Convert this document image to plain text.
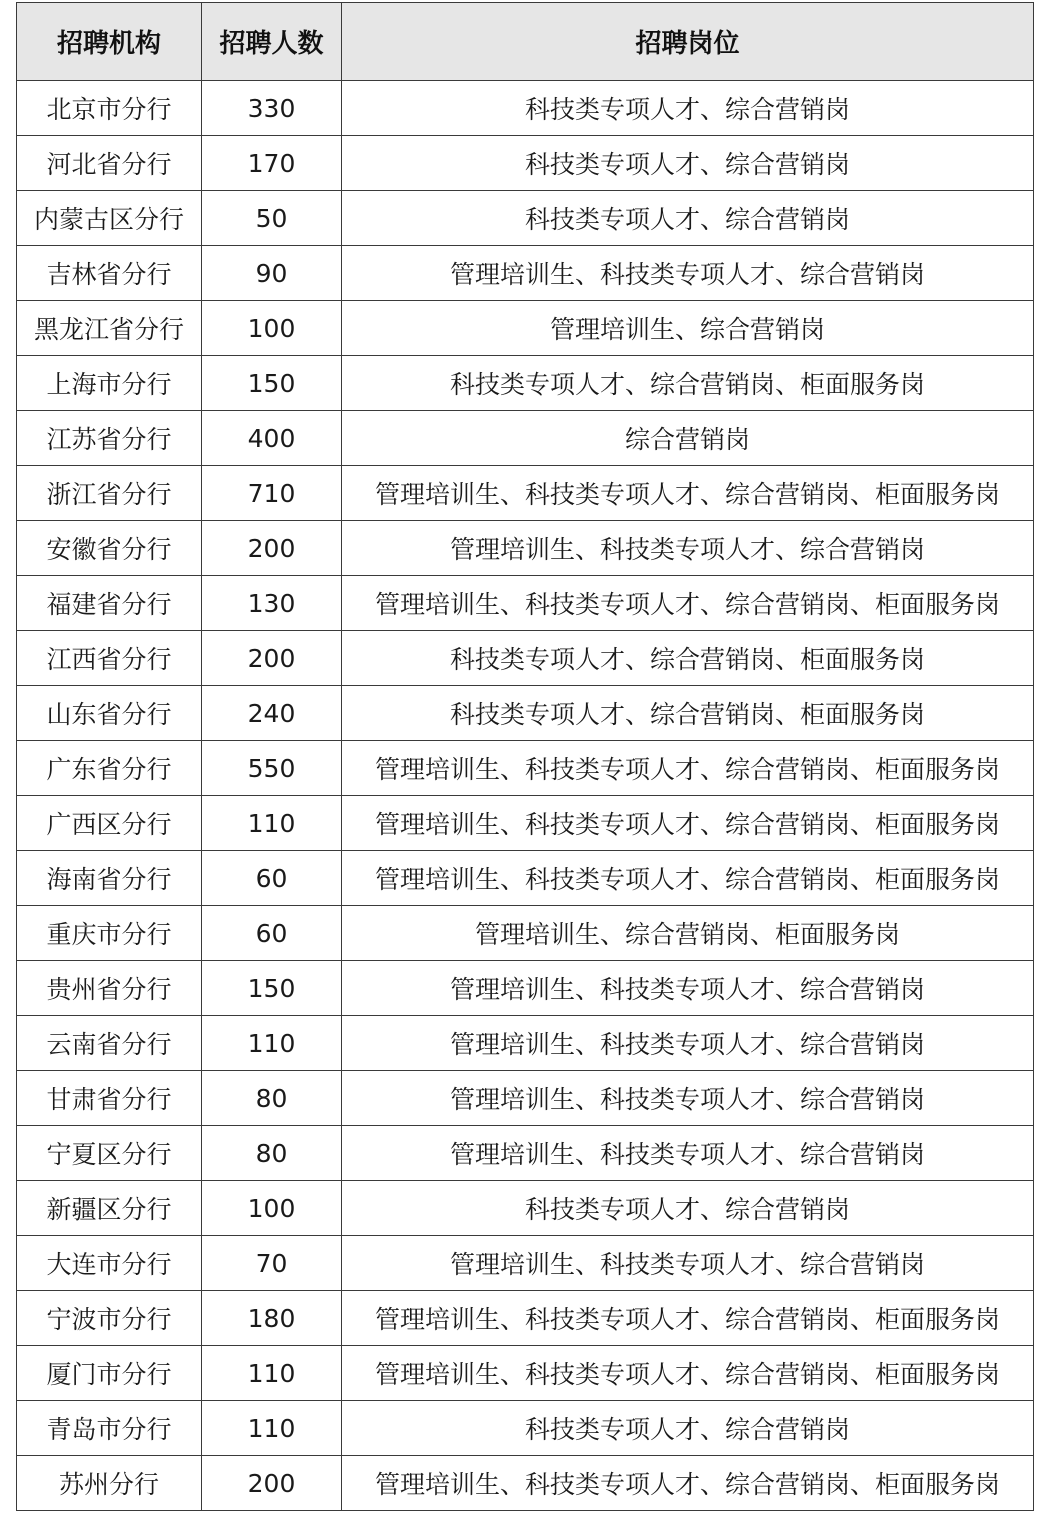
招聘机构	招聘人数	招聘岗位
北京市分行	330	科技类专项人才、综合营销岗
河北省分行	170	科技类专项人才、综合营销岗
内蒙古区分行	50	科技类专项人才、综合营销岗
吉林省分行	90	管理培训生、科技类专项人才、综合营销岗
黑龙江省分行	100	管理培训生、综合营销岗
上海市分行	150	科技类专项人才、综合营销岗、柜面服务岗
江苏省分行	400	综合营销岗
浙江省分行	710	管理培训生、科技类专项人才、综合营销岗、柜面服务岗
安徽省分行	200	管理培训生、科技类专项人才、综合营销岗
福建省分行	130	管理培训生、科技类专项人才、综合营销岗、柜面服务岗
江西省分行	200	科技类专项人才、综合营销岗、柜面服务岗
山东省分行	240	科技类专项人才、综合营销岗、柜面服务岗
广东省分行	550	管理培训生、科技类专项人才、综合营销岗、柜面服务岗
广西区分行	110	管理培训生、科技类专项人才、综合营销岗、柜面服务岗
海南省分行	60	管理培训生、科技类专项人才、综合营销岗、柜面服务岗
重庆市分行	60	管理培训生、综合营销岗、柜面服务岗
贵州省分行	150	管理培训生、科技类专项人才、综合营销岗
云南省分行	110	管理培训生、科技类专项人才、综合营销岗
甘肃省分行	80	管理培训生、科技类专项人才、综合营销岗
宁夏区分行	80	管理培训生、科技类专项人才、综合营销岗
新疆区分行	100	科技类专项人才、综合营销岗
大连市分行	70	管理培训生、科技类专项人才、综合营销岗
宁波市分行	180	管理培训生、科技类专项人才、综合营销岗、柜面服务岗
厦门市分行	110	管理培训生、科技类专项人才、综合营销岗、柜面服务岗
青岛市分行	110	科技类专项人才、综合营销岗
苏州分行	200	管理培训生、科技类专项人才、综合营销岗、柜面服务岗
